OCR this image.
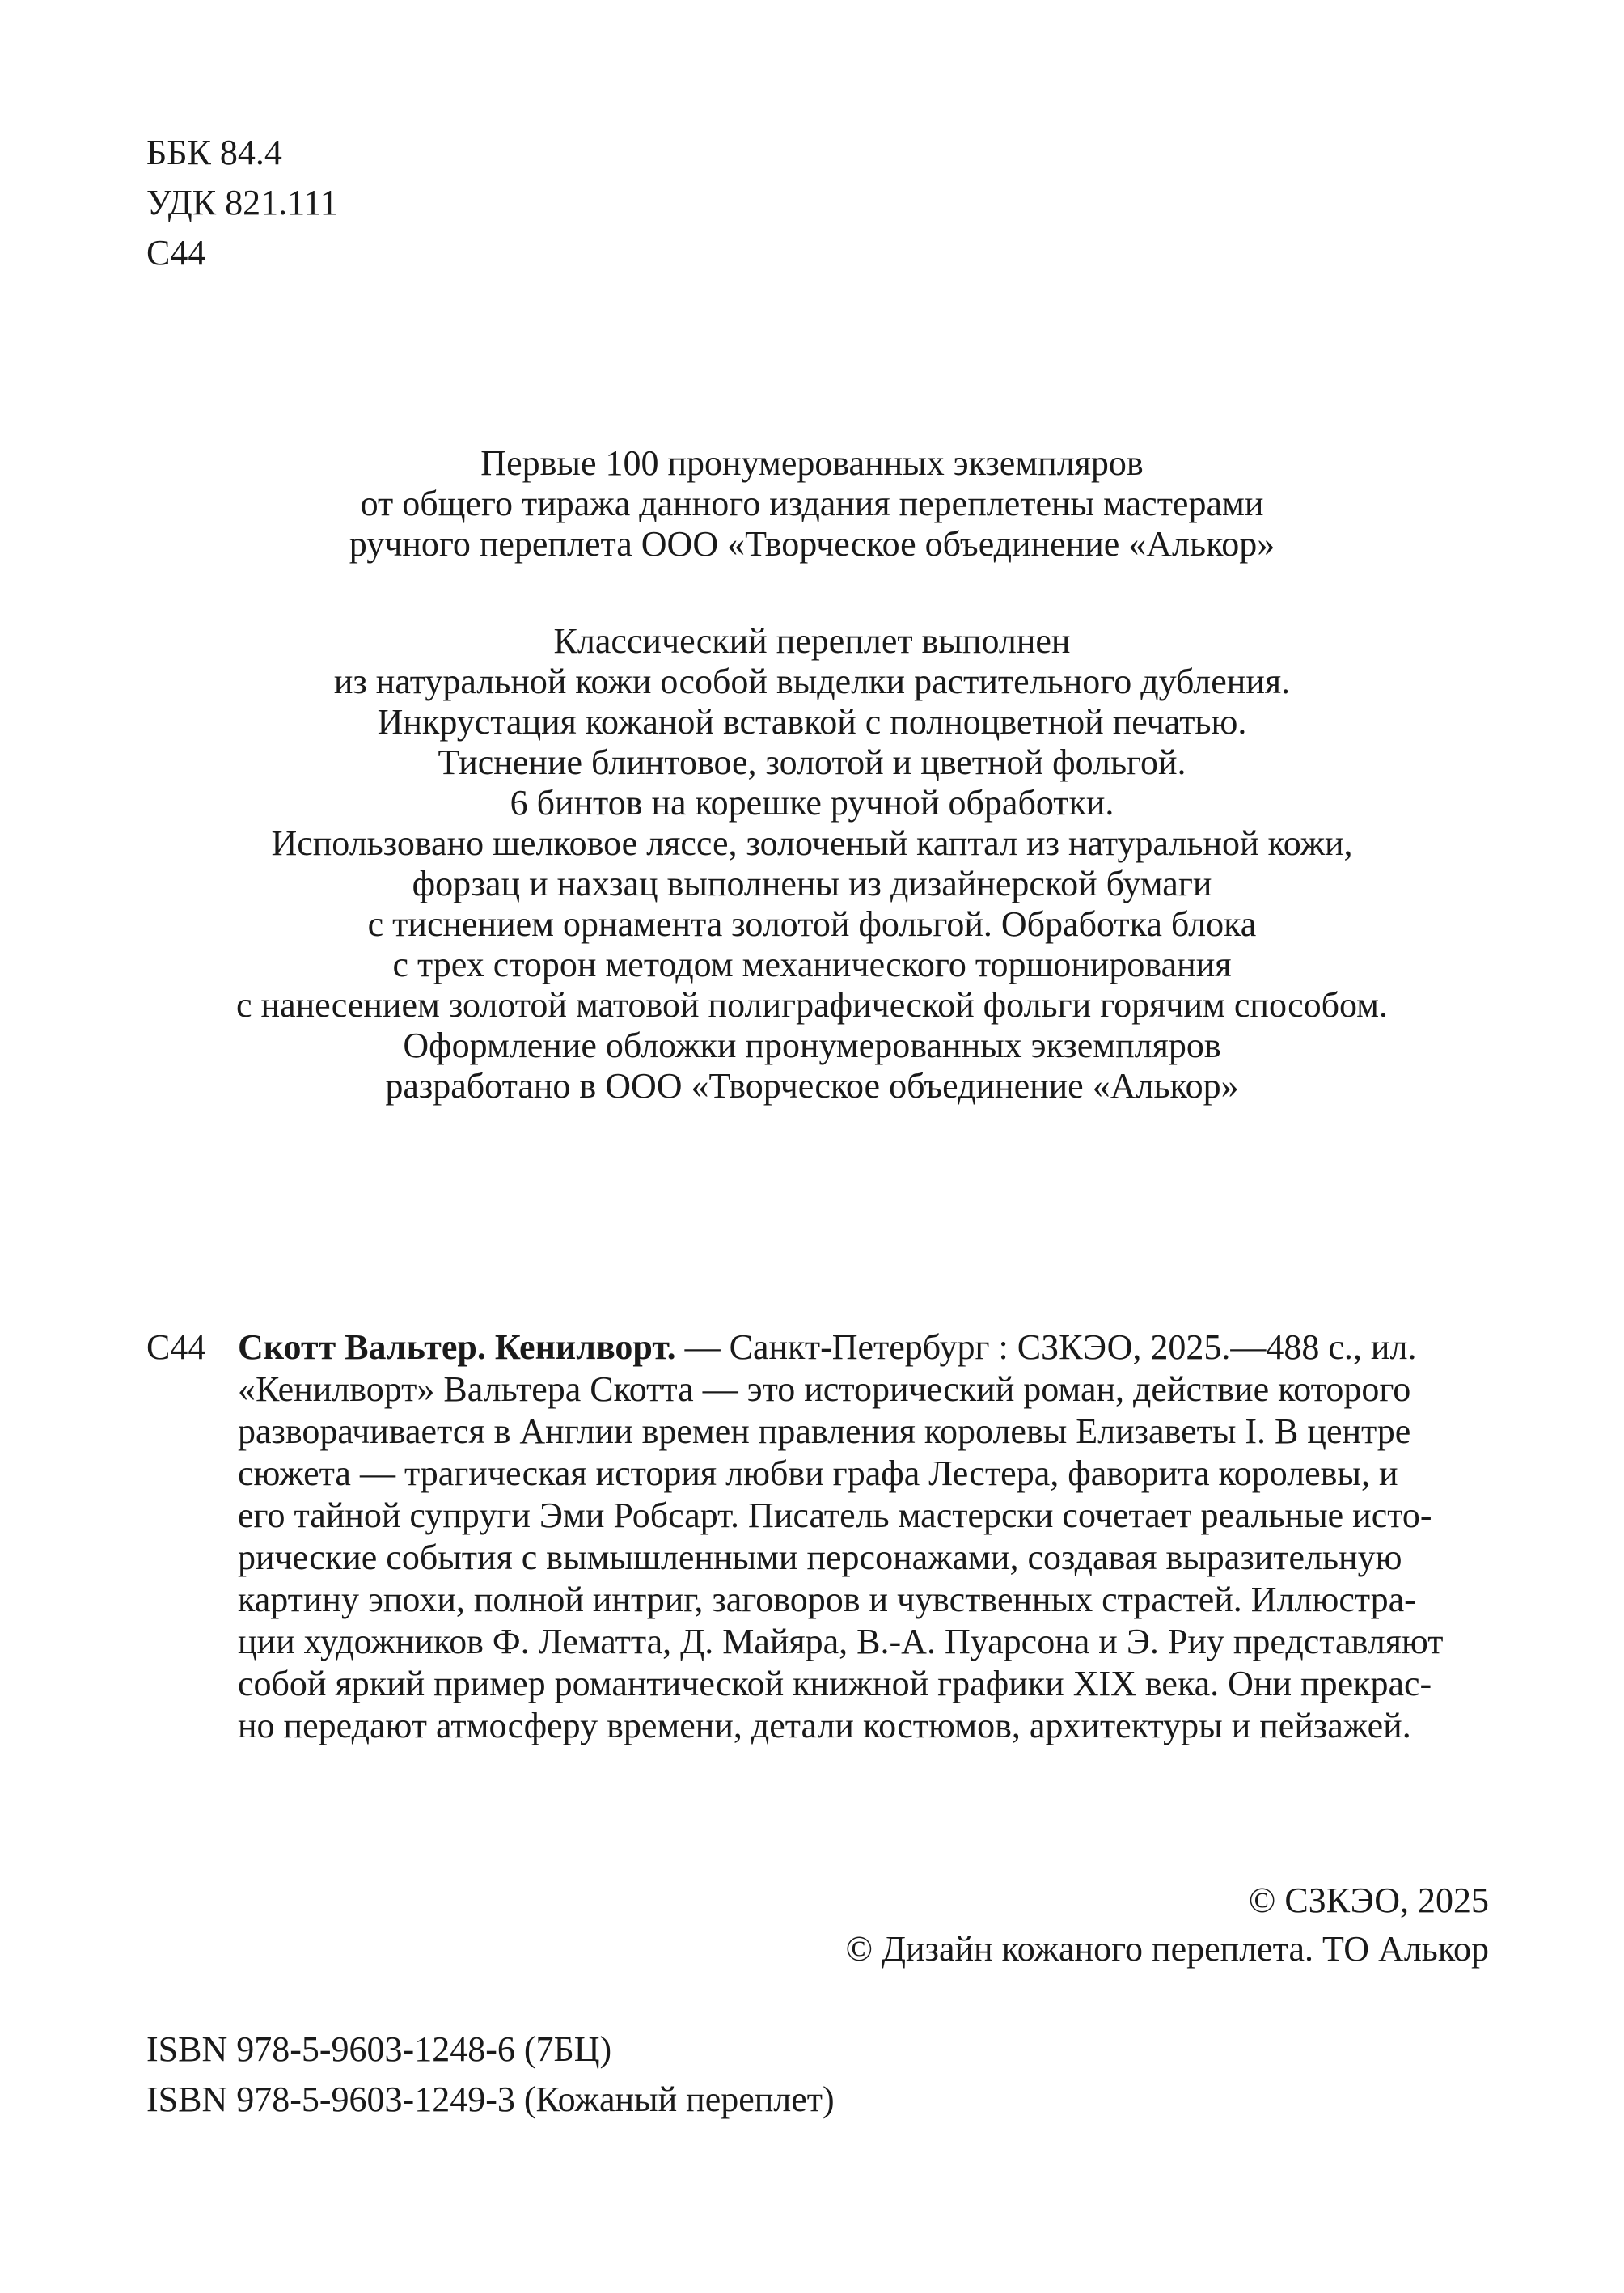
ББК 84.4
УДК 821.111
С44
Первые 100 пронумерованных экземпляров
от общего тиража данного издания переплетены мастерами
ручного переплета ООО «Творческое объединение «Алькор»
Классический переплет выполнен
из натуральной кожи особой выделки растительного дубления.
Инкрустация кожаной вставкой с полноцветной печатью.
Тиснение блинтовое, золотой и цветной фольгой.
6 бинтов на корешке ручной обработки.
Использовано шелковое ляссе, золоченый каптал из натуральной кожи,
форзац и нахзац выполнены из дизайнерской бумаги
с тиснением орнамента золотой фольгой. Обработка блока
с трех сторон методом механического торшонирования
с нанесением золотой матовой полиграфической фольги горячим способом.
Оформление обложки пронумерованных экземпляров
разработано в ООО «Творческое объединение «Алькор»
С44 Скотт Вальтер. Кенилворт. — Санкт-Петербург : СЗКЭО, 2025.—488 с., ил.
«Кенилворт» Вальтера Скотта — это исторический роман, действие которого
разворачивается в Англии времен правления королевы Елизаветы I. В центре
сюжета — трагическая история любви графа Лестера, фаворита королевы, и
его тайной супруги Эми Робсарт. Писатель мастерски сочетает реальные исто-
рические события с вымышленными персонажами, создавая выразительную
картину эпохи, полной интриг, заговоров и чувственных страстей. Иллюстра-
ции художников Ф. Лематта, Д. Майяра, В.-А. Пуарсона и Э. Риу представляют
собой яркий пример романтической книжной графики XIX века. Они прекрас-
но передают атмосферу времени, детали костюмов, архитектуры и пейзажей.
© СЗКЭО, 2025
© Дизайн кожаного переплета. ТО Алькор
ISBN 978-5-9603-1248-6 (7БЦ)
ISBN 978-5-9603-1249-3 (Кожаный переплет)
